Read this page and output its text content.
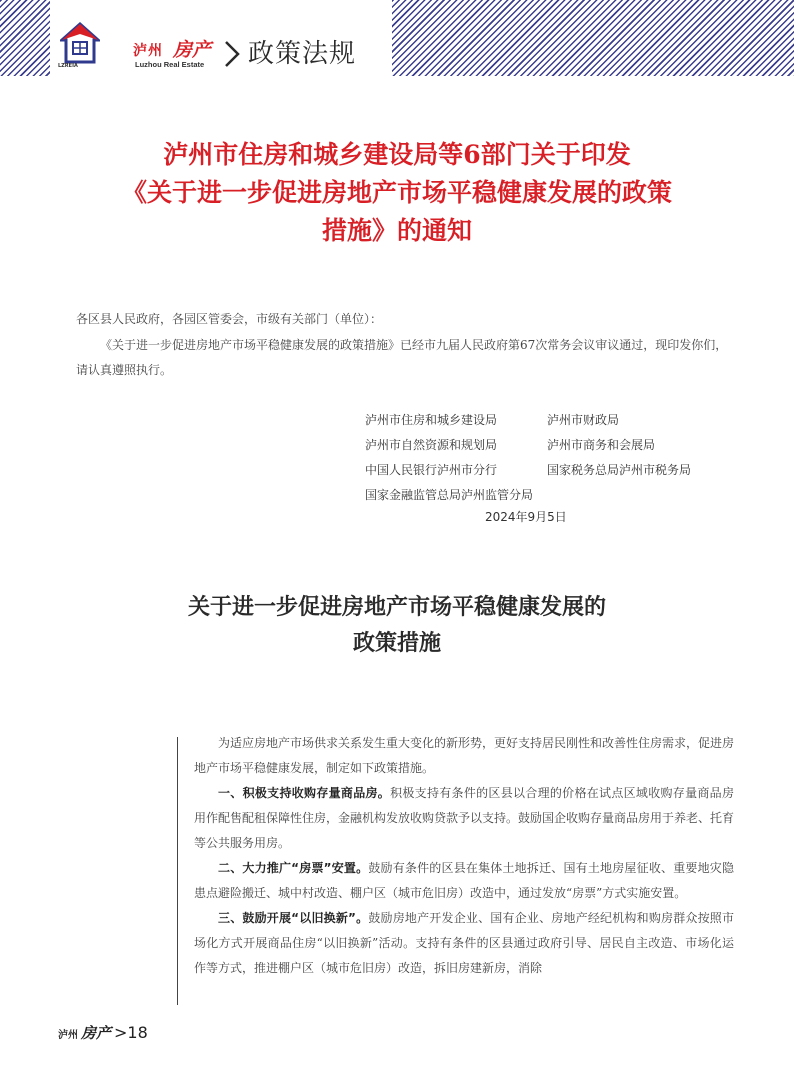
LZREIA
泸州 房产
Luzhou Real Estate 政策法规
泸州市住房和城乡建设局等6部门关于印发
《关于进一步促进房地产市场平稳健康发展的政策
措施》的通知
各区县人民政府，各园区管委会，市级有关部门（单位）：

《关于进一步促进房地产市场平稳健康发展的政策措施》已经市九届人民政府第67次常务会议审议通过，现印发你们，请认真遵照执行。

泸州市住房和城乡建设局	泸州市财政局
泸州市自然资源和规划局	泸州市商务和会展局
中国人民银行泸州市分行	国家税务总局泸州市税务局
国家金融监管总局泸州监管分局
2024年9月5日
关于进一步促进房地产市场平稳健康发展的
政策措施

为适应房地产市场供求关系发生重大变化的新形势，更好支持居民刚性和改善性住房需求，促进房地产市场平稳健康发展，制定如下政策措施。

一、积极支持收购存量商品房。积极支持有条件的区县以合理的价格在试点区域收购存量商品房用作配售配租保障性住房，金融机构发放收购贷款予以支持。鼓励国企收购存量商品房用于养老、托育等公共服务用房。

二、大力推广“房票”安置。鼓励有条件的区县在集体土地拆迁、国有土地房屋征收、重要地灾隐患点避险搬迁、城中村改造、棚户区（城市危旧房）改造中，通过发放“房票”方式实施安置。

三、鼓励开展“以旧换新”。鼓励房地产开发企业、国有企业、房地产经纪机构和购房群众按照市场化方式开展商品住房“以旧换新”活动。支持有条件的区县通过政府引导、居民自主改造、市场化运作等方式，推进棚户区（城市危旧房）改造，拆旧房建新房，消除

泸州 房产 >18
